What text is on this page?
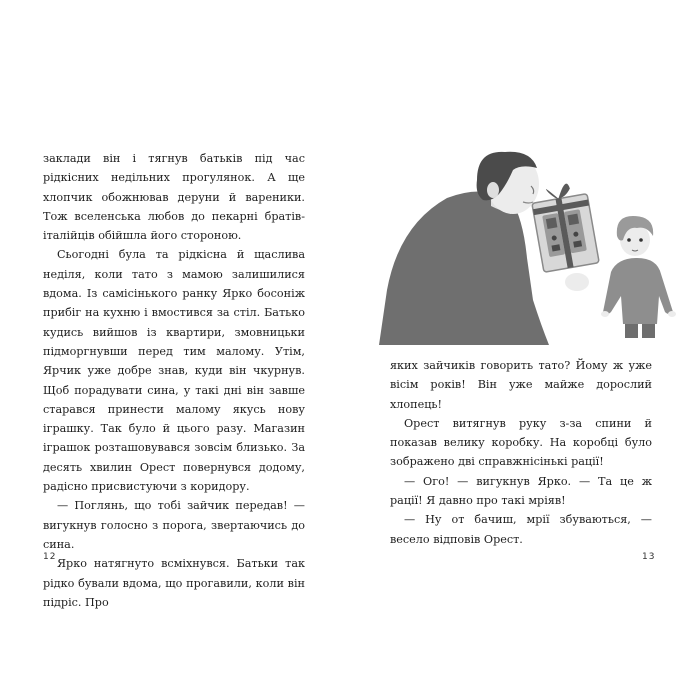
заклади він і тягнув батьків під час рідкісних недільних прогулянок. А ще хлопчик обожнював деруни й вареники. Тож вселенська любов до пекарні братів-італійців обійшла його стороною.

Сьогодні була та рідкісна й щаслива неділя, коли тато з мамою залишилися вдома. Із самісінького ранку Ярко босоніж прибіг на кухню і вмостився за стіл. Батько кудись вийшов із квартири, змовницьки підморгнувши перед тим малому. Утім, Ярчик уже добре знав, куди він чкурнув. Щоб порадувати сина, у такі дні він завше старався принести малому якусь нову іграшку. Так було й цього разу. Магазин іграшок розташовувався зовсім близько. За десять хвилин Орест повернувся додому, радісно присвистуючи з коридору.

— Поглянь, що тобі зайчик передав! — вигукнув голосно з порога, звертаючись до сина.

Ярко натягнуто всміхнувся. Батьки так рідко бували вдома, що прогавили, коли він підріс. Про

12

яких зайчиків говорить тато? Йому ж уже вісім років! Він уже майже дорослий хлопець!

Орест витягнув руку з-за спини й показав велику коробку. На коробці було зображено дві справжнісінькі рації!

— Ого! — вигукнув Ярко. — Та це ж рації! Я давно про такі мріяв!

— Ну от бачиш, мрії збуваються, — весело відповів Орест.

13
